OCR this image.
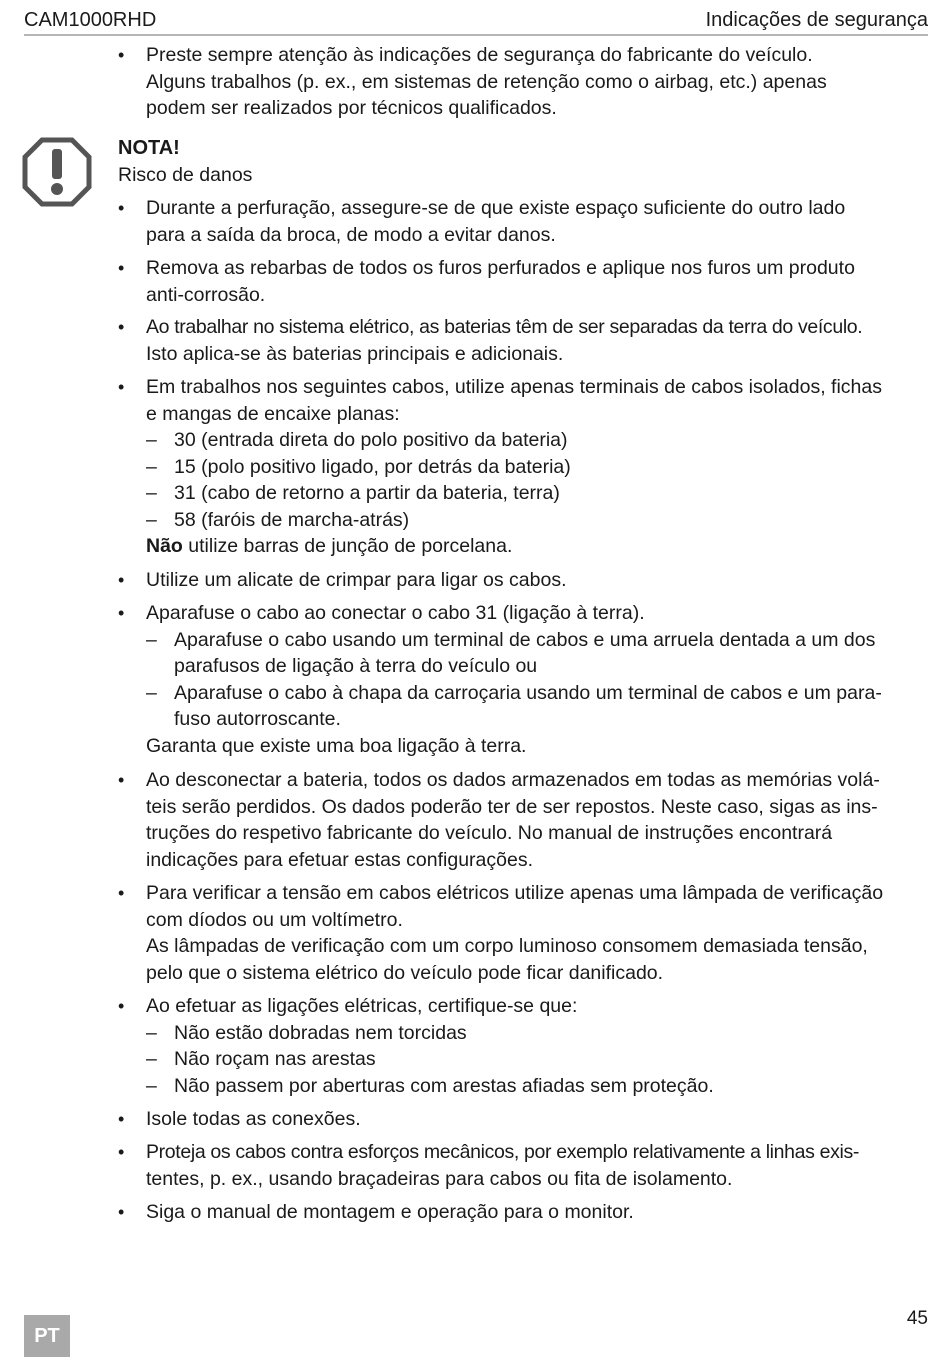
CAM1000RHD	Indicações de segurança
•	Preste sempre atenção às indicações de segurança do fabricante do veículo.
Alguns trabalhos (p. ex., em sistemas de retenção como o airbag, etc.) apenas
podem ser realizados por técnicos qualificados.
NOTA!
Risco de danos
•	Durante a perfuração, assegure-se de que existe espaço suficiente do outro lado
para a saída da broca, de modo a evitar danos.
•	Remova as rebarbas de todos os furos perfurados e aplique nos furos um produto
anti-corrosão.
•	Ao trabalhar no sistema elétrico, as baterias têm de ser separadas da terra do veículo.
Isto aplica-se às baterias principais e adicionais.
•	Em trabalhos nos seguintes cabos, utilize apenas terminais de cabos isolados, fichas
e mangas de encaixe planas:
– 30 (entrada direta do polo positivo da bateria)
– 15 (polo positivo ligado, por detrás da bateria)
– 31 (cabo de retorno a partir da bateria, terra)
– 58 (faróis de marcha-atrás)
Não utilize barras de junção de porcelana.
•	Utilize um alicate de crimpar para ligar os cabos.
•	Aparafuse o cabo ao conectar o cabo 31 (ligação à terra).
– Aparafuse o cabo usando um terminal de cabos e uma arruela dentada a um dos
parafusos de ligação à terra do veículo ou
– Aparafuse o cabo à chapa da carroçaria usando um terminal de cabos e um para-
fuso autorroscante.
Garanta que existe uma boa ligação à terra.
•	Ao desconectar a bateria, todos os dados armazenados em todas as memórias volá-
teis serão perdidos. Os dados poderão ter de ser repostos. Neste caso, sigas as ins-
truções do respetivo fabricante do veículo. No manual de instruções encontrará
indicações para efetuar estas configurações.
•	Para verificar a tensão em cabos elétricos utilize apenas uma lâmpada de verificação
com díodos ou um voltímetro.
As lâmpadas de verificação com um corpo luminoso consomem demasiada tensão,
pelo que o sistema elétrico do veículo pode ficar danificado.
•	Ao efetuar as ligações elétricas, certifique-se que:
– Não estão dobradas nem torcidas
– Não roçam nas arestas
– Não passem por aberturas com arestas afiadas sem proteção.
•	Isole todas as conexões.
•	Proteja os cabos contra esforços mecânicos, por exemplo relativamente a linhas exis-
tentes, p. ex., usando braçadeiras para cabos ou fita de isolamento.
•	Siga o manual de montagem e operação para o monitor.
PT
45
